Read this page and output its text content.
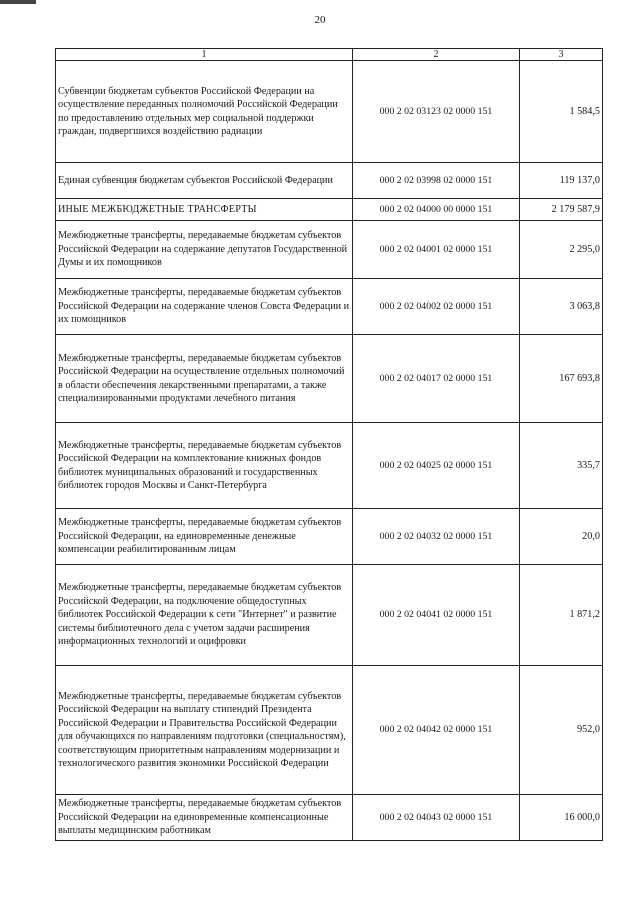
20
1	2	3
Субвенции бюджетам субъектов Российской Федерации на осуществление переданных полномочий Российской Федерации по предоставлению отдельных мер социальной поддержки граждан, подвергшихся воздействию радиации	000 2 02 03123 02 0000 151	1 584,5
Единая субвенция бюджетам субъектов Российской Федерации	000 2 02 03998 02 0000 151	119 137,0
ИНЫЕ МЕЖБЮДЖЕТНЫЕ ТРАНСФЕРТЫ	000 2 02 04000 00 0000 151	2 179 587,9
Межбюджетные трансферты, передаваемые бюджетам субъектов Российской Федерации на содержание депутатов Государственной Думы и их помощников	000 2 02 04001 02 0000 151	2 295,0
Межбюджетные трансферты, передаваемые бюджетам субъектов Российской Федерации на содержание членов Совста Федерации и их помощников	000 2 02 04002 02 0000 151	3 063,8
Межбюджетные трансферты, передаваемые бюджетам субъектов Российской Федерации на осуществление отдельных полномочий в области обеспечения лекарственными препаратами, а также специализированными продуктами лечебного питания	000 2 02 04017 02 0000 151	167 693,8
Межбюджетные трансферты, передаваемые бюджетам субъектов Российской Федерации на комплектование книжных фондов библиотек муниципальных образований и государственных библиотек городов Москвы и Санкт-Петербурга	000 2 02 04025 02 0000 151	335,7
Межбюджетные трансферты, передаваемые бюджетам субъектов Российской Федерации, на единовременные денежные компенсации реабилитированным лицам	000 2 02 04032 02 0000 151	20,0
Межбюджетные трансферты, передаваемые бюджетам субъектов Российской Федерации, на подключение общедоступных библиотек Российской Федерации к сети "Интернет" и развитие системы библиотечного дела с учетом задачи расширения информационных технологий и оцифровки	000 2 02 04041 02 0000 151	1 871,2
Межбюджетные трансферты, передаваемые бюджетам субъектов Российской Федерации на выплату стипендий Президента Российской Федерации и Правительства Российской Федерации для обучающихся по направлениям подготовки (специальностям), соответствующим приоритетным направлениям модернизации и технологического развития экономики Российской Федерации	000 2 02 04042 02 0000 151	952,0
Межбюджетные трансферты, передаваемые бюджетам субъектов Российской Федерации на единовременные компенсационные выплаты медицинским работникам	000 2 02 04043 02 0000 151	16 000,0
